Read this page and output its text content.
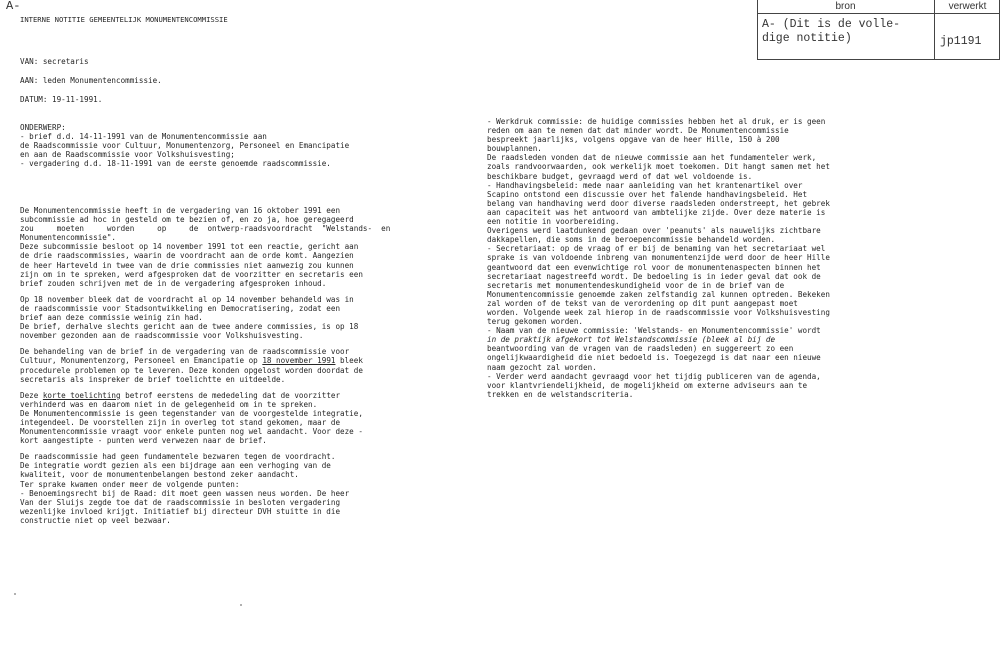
A-
INTERNE NOTITIE GEMEENTELIJK MONUMENTENCOMMISSIE
bron	verwerkt
A- (Dit is de volle-
dige notitie)	jp1191
VAN: secretaris
AAN: leden Monumentencommissie.
DATUM: 19-11-1991.

ONDERWERP:

- brief d.d. 14-11-1991 van de Monumentencommissie aan

de Raadscommissie voor Cultuur, Monumentenzorg, Personeel en Emancipatie

en aan de Raadscommissie voor Volkshuisvesting;

- vergadering d.d. 18-11-1991 van de eerste genoemde raadscommissie.

De Monumentencommissie heeft in de vergadering van 16 oktober 1991 een
subcommissie ad hoc in gesteld om te bezien of, en zo ja, hoe geregageerd
zou     moeten     worden     op     de  ontwerp-raadsvoordracht  "Welstands-  en
Monumentencommissie".
Deze subcommissie besloot op 14 november 1991 tot een reactie, gericht aan
de drie raadscommissies, waarin de voordracht aan de orde komt. Aangezien
de heer Harteveld in twee van de drie commissies niet aanwezig zou kunnen
zijn om in te spreken, werd afgesproken dat de voorzitter en secretaris een
brief zouden schrijven met de in de vergadering afgesproken inhoud.

Op 18 november bleek dat de voordracht al op 14 november behandeld was in
de raadscommissie voor Stadsontwikkeling en Democratisering, zodat een
brief aan deze commissie weinig zin had.
De brief, derhalve slechts gericht aan de twee andere commissies, is op 18
november gezonden aan de raadscommissie voor Volkshuisvesting.

De behandeling van de brief in de vergadering van de raadscommissie voor
Cultuur, Monumentenzorg, Personeel en Emancipatie op 18 november 1991 bleek
procedurele problemen op te leveren. Deze konden opgelost worden doordat de
secretaris als inspreker de brief toelichtte en uitdeelde.

Deze korte toelichting betrof eerstens de mededeling dat de voorzitter
verhinderd was en daarom niet in de gelegenheid om in te spreken.
De Monumentencommissie is geen tegenstander van de voorgestelde integratie,
integendeel. De voorstellen zijn in overleg tot stand gekomen, maar de
Monumentencommissie vraagt voor enkele punten nog wel aandacht. Voor deze -
kort aangestipte - punten werd verwezen naar de brief.

De raadscommissie had geen fundamentele bezwaren tegen de voordracht.
De integratie wordt gezien als een bijdrage aan een verhoging van de
kwaliteit, voor de monumentenbelangen bestond zeker aandacht.
Ter sprake kwamen onder meer de volgende punten:
- Benoemingsrecht bij de Raad: dit moet geen wassen neus worden. De heer
Van der Sluijs zegde toe dat de raadscommissie in besloten vergadering
wezenlijke invloed krijgt. Initiatief bij directeur DVH stuitte in die
constructie niet op veel bezwaar.

- Werkdruk commissie: de huidige commissies hebben het al druk, er is geen

reden om aan te nemen dat dat minder wordt. De Monumentencommissie

bespreekt jaarlijks, volgens opgave van de heer Hille, 150 à 200

bouwplannen.

De raadsleden vonden dat de nieuwe commissie aan het fundamenteler werk,

zoals randvoorwaarden, ook werkelijk moet toekomen. Dit hangt samen met het

beschikbare budget, gevraagd werd of dat wel voldoende is.

- Handhavingsbeleid: mede naar aanleiding van het krantenartikel over

Scapino ontstond een discussie over het falende handhavingsbeleid. Het

belang van handhaving werd door diverse raadsleden onderstreept, het gebrek

aan capaciteit was het antwoord van ambtelijke zijde. Over deze materie is

een notitie in voorbereiding.

Overigens werd laatdunkend gedaan over 'peanuts' als nauwelijks zichtbare

dakkapellen, die soms in de beroepencommissie behandeld worden.

- Secretariaat: op de vraag of er bij de benaming van het secretariaat wel

sprake is van voldoende inbreng van monumentenzijde werd door de heer Hille

geantwoord dat een evenwichtige rol voor de monumentenaspecten binnen het

secretariaat nagestreefd wordt. De bedoeling is in ieder geval dat ook de

secretaris met monumentendeskundigheid voor de in de brief van de

Monumentencommissie genoemde zaken zelfstandig zal kunnen optreden. Bekeken

zal worden of de tekst van de verordening op dit punt aangepast moet

worden. Volgende week zal hierop in de raadscommissie voor Volkshuisvesting

terug gekomen worden.

- Naam van de nieuwe commissie: 'Welstands- en Monumentencommissie' wordt

in de praktijk afgekort tot Welstandscommissie (bleek al bij de

beantwoording van de vragen van de raadsleden) en suggereert zo een

ongelijkwaardigheid die niet bedoeld is. Toegezegd is dat naar een nieuwe

naam gezocht zal worden.

- Verder werd aandacht gevraagd voor het tijdig publiceren van de agenda,

voor klantvriendelijkheid, de mogelijkheid om externe adviseurs aan te

trekken en de welstandscriteria.
